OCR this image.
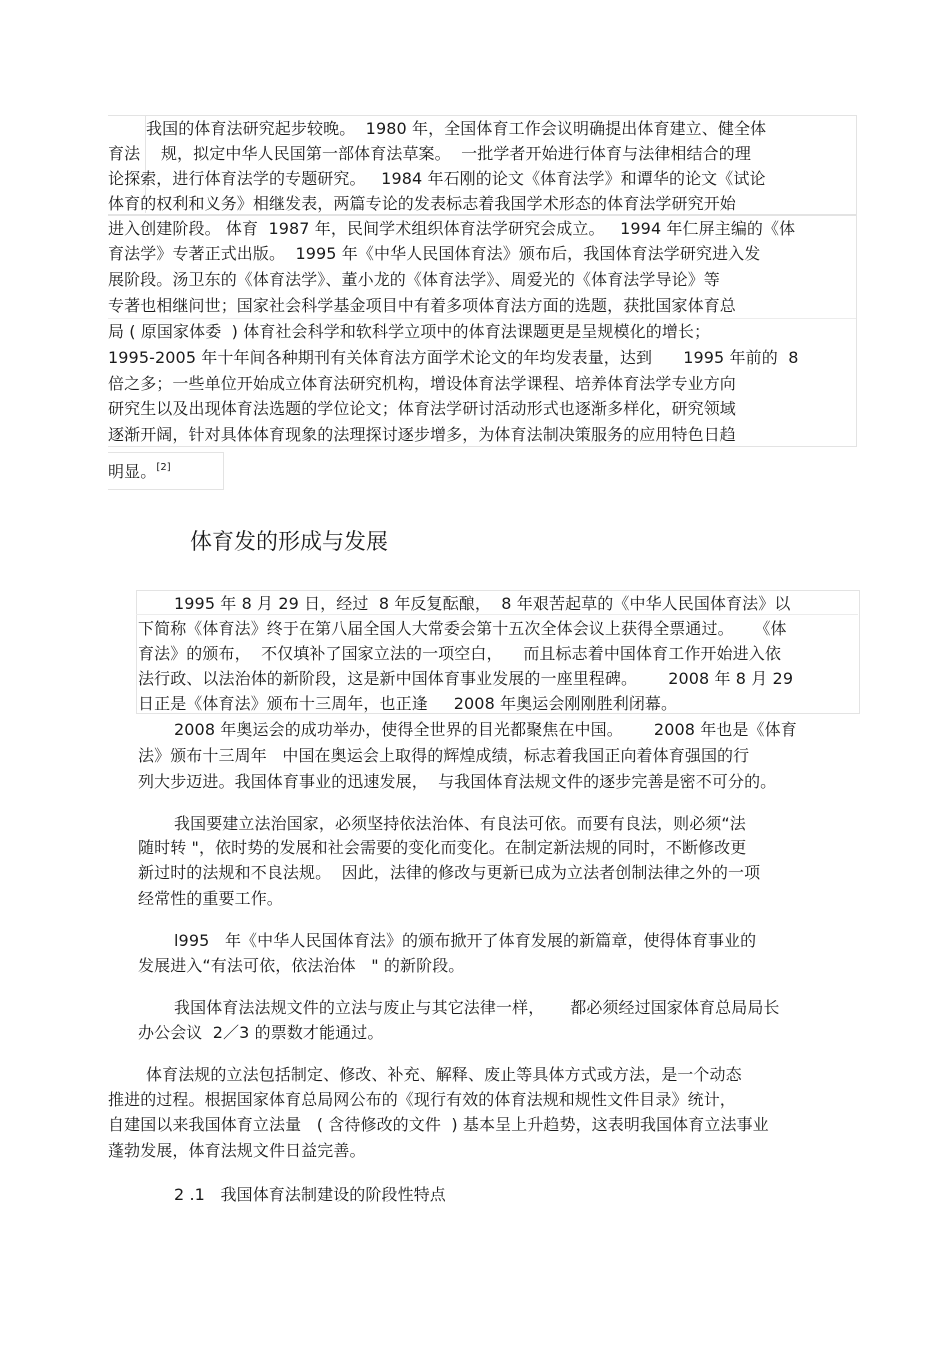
我国的体育法研究起步较晚。  1980 年，全国体育工作会议明确提出体育建立、健全体
育法    规，拟定中华人民国第一部体育法草案。  一批学者开始进行体育与法律相结合的理
论探索，进行体育法学的专题研究。   1984 年石刚的论文《体育法学》和谭华的论文《试论
体育的权利和义务》相继发表，两篇专论的发表标志着我国学术形态的体育法学研究开始
进入创建阶段。 体育  1987 年，民间学术组织体育法学研究会成立。   1994 年仁屏主编的《体
育法学》专著正式出版。  1995 年《中华人民国体育法》颁布后，我国体育法学研究进入发
展阶段。汤卫东的《体育法学》、董小龙的《体育法学》、周爱光的《体育法学导论》等
专著也相继问世；国家社会科学基金项目中有着多项体育法方面的选题，获批国家体育总
局 ( 原国家体委  ) 体育社会科学和软科学立项中的体育法课题更是呈规模化的增长；
1995-2005 年十年间各种期刊有关体育法方面学术论文的年均发表量，达到      1995 年前的  8
倍之多；一些单位开始成立体育法研究机构，增设体育法学课程、培养体育法学专业方向
研究生以及出现体育法选题的学位论文；体育法学研讨活动形式也逐渐多样化，研究领域
逐渐开阔，针对具体体育现象的法理探讨逐步增多，为体育法制决策服务的应用特色日趋
明显。[2]
体育发的形成与发展
1995 年 8 月 29 日，经过  8 年反复酝酿，  8 年艰苦起草的《中华人民国体育法》以
下简称《体育法》终于在第八届全国人大常委会第十五次全体会议上获得全票通过。    《体
育法》的颁布，  不仅填补了国家立法的一项空白，    而且标志着中国体育工作开始进入依
法行政、以法治体的新阶段，这是新中国体育事业发展的一座里程碑。      2008 年 8 月 29
日正是《体育法》颁布十三周年，也正逢     2008 年奥运会刚刚胜利闭幕。
2008 年奥运会的成功举办，使得全世界的目光都聚焦在中国。      2008 年也是《体育
法》颁布十三周年   中国在奥运会上取得的辉煌成绩，标志着我国正向着体育强国的行
列大步迈进。我国体育事业的迅速发展，  与我国体育法规文件的逐步完善是密不可分的。
我国要建立法治国家，必须坚持依法治体、有良法可依。而要有良法，则必须“法
随时转 "，依时势的发展和社会需要的变化而变化。在制定新法规的同时，不断修改更
新过时的法规和不良法规。  因此，法律的修改与更新已成为立法者创制法律之外的一项
经常性的重要工作。
l995   年《中华人民国体育法》的颁布掀开了体育发展的新篇章，使得体育事业的
发展进入“有法可依，依法治体   " 的新阶段。
我国体育法法规文件的立法与废止与其它法律一样，     都必须经过国家体育总局局长
办公会议  2／3 的票数才能通过。
体育法规的立法包括制定、修改、补充、解释、废止等具体方式或方法，是一个动态
推进的过程。根据国家体育总局网公布的《现行有效的体育法规和规性文件目录》统计，
自建国以来我国体育立法量   ( 含待修改的文件  ) 基本呈上升趋势，这表明我国体育立法事业
蓬勃发展，体育法规文件日益完善。
2 .1   我国体育法制建设的阶段性特点
